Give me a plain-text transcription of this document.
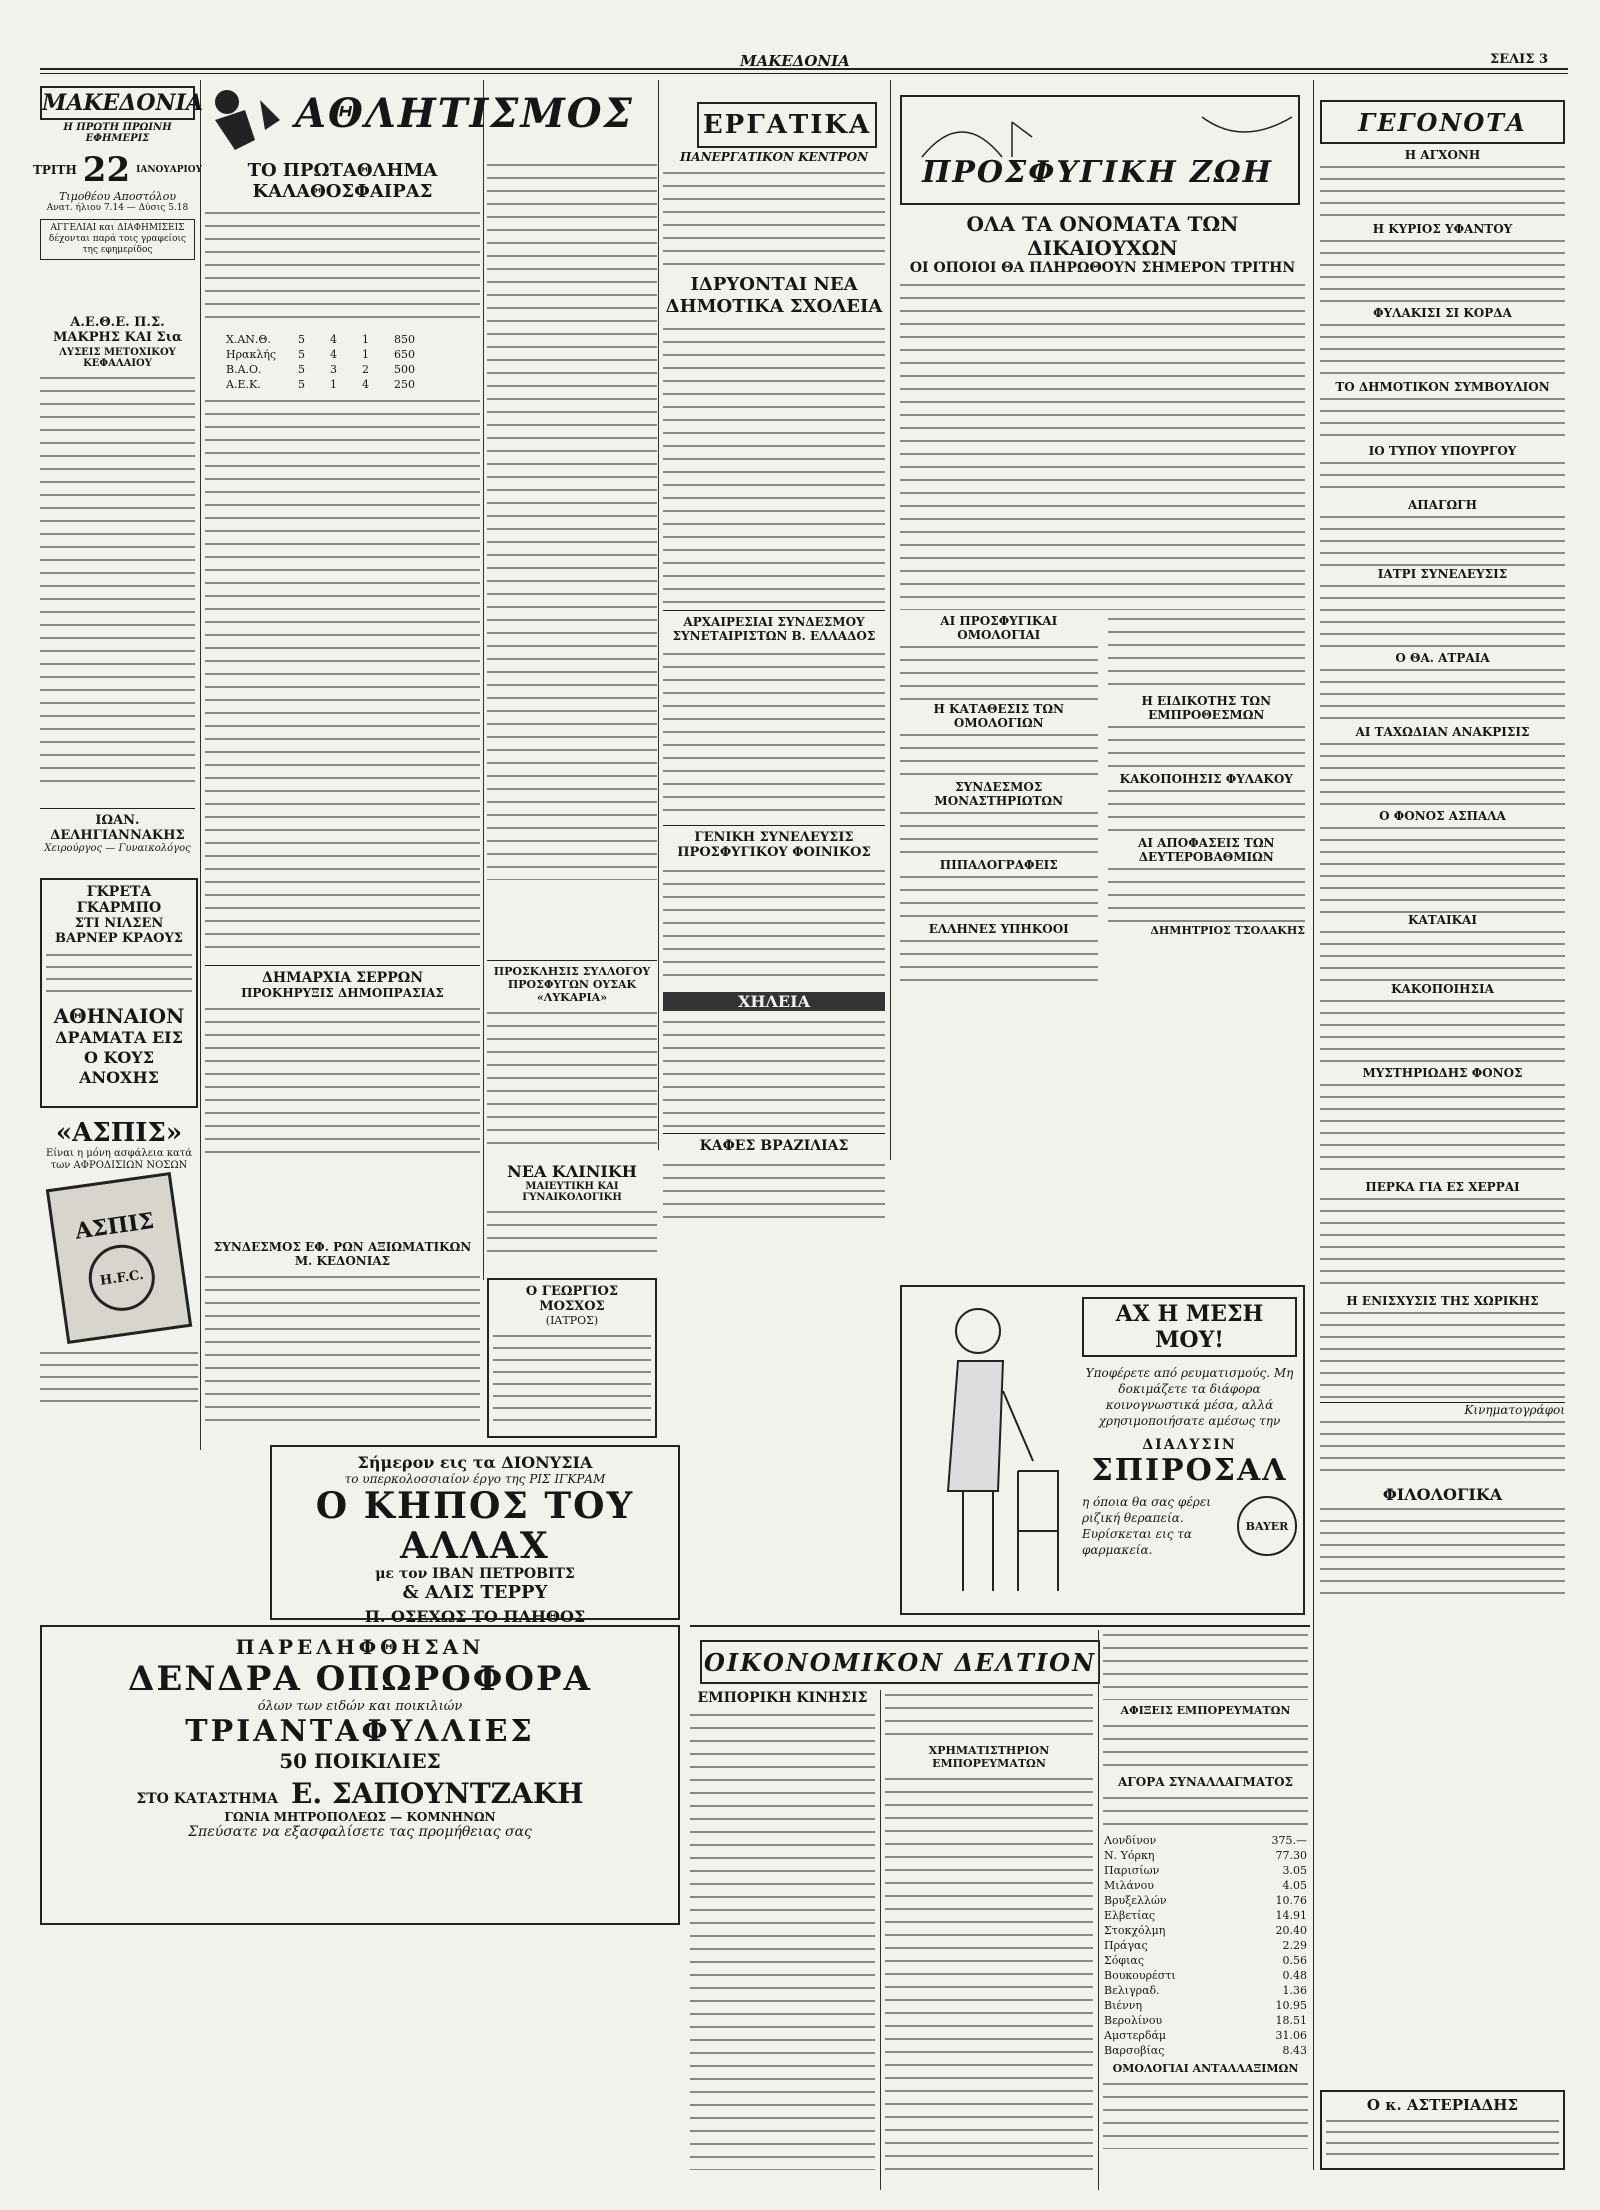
ΜΑΚΕΔΟΝΙΑ	ΣΕΛΙΣ 3
ΜΑΚΕΔΟΝΙΑ
Η ΠΡΩΤΗ ΠΡΩΙΝΗ ΕΦΗΜΕΡΙΣ
ΤΡΙΤΗ 22 ΙΑΝΟΥΑΡΙΟΥ
Τιμοθέου Αποστόλου
Ανατ. ήλιου 7.14 — Δύσις 5.18
ΑΓΓΕΛΙΑΙ και ΔΙΑΦΗΜΙΣΕΙΣ δέχονται παρά τοις γραφείοις της εφημερίδος
Α.Ε.Θ.Ε. Π.Σ. ΜΑΚΡΗΣ ΚΑΙ Σια
ΛΥΣΕΙΣ ΜΕΤΟΧΙΚΟΥ ΚΕΦΑΛΑΙΟΥ
ΙΩΑΝ. ΔΕΛΗΓΙΑΝΝΑΚΗΣ
Χειρούργος — Γυναικολόγος
ΓΚΡΕΤΑ ΓΚΑΡΜΠΟ
ΣΤΙ ΝΙΛΣΕΝ
ΒΑΡΝΕΡ ΚΡΑΟΥΣ
ΑΘΗΝΑΙΟΝ
ΔΡΑΜΑΤΑ ΕΙΣ Ο ΚΟΥΣ ΑΝΟΧΗΣ
«ΑΣΠΙΣ»
Είναι η μόνη ασφάλεια κατά των ΑΦΡΟΔΙΣΙΩΝ ΝΟΣΩΝ
ΑΣΠΙΣ
H.F.C.
ΑΘΛΗΤΙΣΜΟΣ
ΤΟ ΠΡΩΤΑΘΛΗΜΑ ΚΑΛΑΘΟΣΦΑΙΡΑΣ
Χ.ΑΝ.Θ.	5	4	1	850
Ηρακλής	5	4	1	650
Β.Α.Ο.	5	3	2	500
Α.Ε.Κ.	5	1	4	250
ΔΗΜΑΡΧΙΑ ΣΕΡΡΩΝ
ΠΡΟΚΗΡΥΞΙΣ ΔΗΜΟΠΡΑΣΙΑΣ
ΣΥΝΔΕΣΜΟΣ ΕΦ. ΡΩΝ ΑΞΙΩΜΑΤΙΚΩΝ Μ. ΚΕΔΟΝΙΑΣ
ΠΡΟΣΚΛΗΣΙΣ ΣΥΛΛΟΓΟΥ ΠΡΟΣΦΥΓΩΝ ΟΥΣΑΚ «ΛΥΚΑΡΙΑ»
ΝΕΑ ΚΛΙΝΙΚΗ
ΜΑΙΕΥΤΙΚΗ ΚΑΙ ΓΥΝΑΙΚΟΛΟΓΙΚΗ
Ο ΓΕΩΡΓΙΟΣ ΜΟΣΧΟΣ
(ΙΑΤΡΟΣ)
Σήμερον εις τα ΔΙΟΝΥΣΙΑ
το υπερκολοσσιαίον έργο της ΡΙΣ ΙΓΚΡΑΜ
Ο ΚΗΠΟΣ ΤΟΥ ΑΛΛΑΧ
με τον ΙΒΑΝ ΠΕΤΡΟΒΙΤΣ
& ΑΛΙΣ ΤΕΡΡΥ
Π. ΟΣΕΧΩΣ ΤΟ ΠΛΗΘΟΣ
ΠΑΡΕΛΗΦΘΗΣΑΝ
ΔΕΝΔΡΑ ΟΠΩΡΟΦΟΡΑ
όλων των ειδών και ποικιλιών
ΤΡΙΑΝΤΑΦΥΛΛΙΕΣ
50 ΠΟΙΚΙΛΙΕΣ
ΣΤΟ ΚΑΤΑΣΤΗΜΑ Ε. ΣΑΠΟΥΝΤΖΑΚΗ
ΓΩΝΙΑ ΜΗΤΡΟΠΟΛΕΩΣ — ΚΟΜΝΗΝΩΝ
Σπεύσατε να εξασφαλίσετε τας προμήθειας σας
ΕΡΓΑΤΙΚΑ
ΠΑΝΕΡΓΑΤΙΚΟΝ ΚΕΝΤΡΟΝ
ΙΔΡΥΟΝΤΑΙ ΝΕΑ ΔΗΜΟΤΙΚΑ ΣΧΟΛΕΙΑ
ΑΡΧΑΙΡΕΣΙΑΙ ΣΥΝΔΕΣΜΟΥ ΣΥΝΕΤΑΙΡΙΣΤΩΝ Β. ΕΛΛΑΔΟΣ
ΓΕΝΙΚΗ ΣΥΝΕΛΕΥΣΙΣ ΠΡΟΣΦΥΓΙΚΟΥ ΦΟΙΝΙΚΟΣ
ΧΗΛΕΙΑ
ΚΑΦΕΣ ΒΡΑΖΙΛΙΑΣ
ΠΡΟΣΦΥΓΙΚΗ ΖΩΗ
ΟΛΑ ΤΑ ΟΝΟΜΑΤΑ ΤΩΝ ΔΙΚΑΙΟΥΧΩΝ
ΟΙ ΟΠΟΙΟΙ ΘΑ ΠΛΗΡΩΘΟΥΝ ΣΗΜΕΡΟΝ ΤΡΙΤΗΝ
ΑΙ ΠΡΟΣΦΥΓΙΚΑΙ ΟΜΟΛΟΓΙΑΙ
Η ΚΑΤΑΘΕΣΙΣ ΤΩΝ ΟΜΟΛΟΓΙΩΝ
ΣΥΝΔΕΣΜΟΣ ΜΟΝΑΣΤΗΡΙΩΤΩΝ
ΠΙΠΑΛΟΓΡΑΦΕΙΣ
ΕΛΛΗΝΕΣ ΥΠΗΚΟΟΙ
Η ΕΙΔΙΚΟΤΗΣ ΤΩΝ ΕΜΠΡΟΘΕΣΜΩΝ
ΚΑΚΟΠΟΙΗΣΙΣ ΦΥΛΑΚΟΥ
ΑΙ ΑΠΟΦΑΣΕΙΣ ΤΩΝ ΔΕΥΤΕΡΟΒΑΘΜΙΩΝ
ΔΗΜΗΤΡΙΟΣ ΤΣΟΛΑΚΗΣ
ΑΧ Η ΜΕΣΗ ΜΟΥ!
Υποφέρετε από ρευματισμούς. Μη δοκιμάζετε τα διάφορα κοινογνωστικά μέσα, αλλά χρησιμοποιήσατε αμέσως την
ΔΙΑΛΥΣΙΝ
ΣΠΙΡΟΣΑΛ
η όποια θα σας φέρει ριζική θεραπεία. Ευρίσκεται εις τα φαρμακεία.
BAYER
ΓΕΓΟΝΟΤΑ
Η ΑΓΧΟΝΗ
Η ΚΥΡΙΟΣ ΥΦΑΝΤΟΥ
ΦΥΛΑΚΙΣΙ ΣΙ ΚΟΡΔΑ
ΤΟ ΔΗΜΟΤΙΚΟΝ ΣΥΜΒΟΥΛΙΟΝ
ΙΟ ΤΥΠΟΥ ΥΠΟΥΡΓΟΥ
ΑΠΑΓΩΓΗ
ΙΑΤΡΙ ΣΥΝΕΛΕΥΣΙΣ
Ο ΘΑ. ΑΤΡΑΙΑ
ΑΙ ΤΑΧΩΔΙΑΝ ΑΝΑΚΡΙΣΙΣ
Ο ΦΟΝΟΣ ΑΣΠΑΛΑ
ΚΑΤΑΙΚΑΙ
ΚΑΚΟΠΟΙΗΣΙΑ
ΜΥΣΤΗΡΙΩΔΗΣ ΦΟΝΟΣ
ΠΕΡΚΑ ΓΙΑ ΕΣ ΧΕΡΡΑΙ
Η ΕΝΙΣΧΥΣΙΣ ΤΗΣ ΧΩΡΙΚΗΣ
Κινηματογράφοι
ΦΙΛΟΛΟΓΙΚΑ
Ο κ. ΑΣΤΕΡΙΑΔΗΣ
ΟΙΚΟΝΟΜΙΚΟΝ ΔΕΛΤΙΟΝ
ΕΜΠΟΡΙΚΗ ΚΙΝΗΣΙΣ
ΧΡΗΜΑΤΙΣΤΗΡΙΟΝ ΕΜΠΟΡΕΥΜΑΤΩΝ
ΑΦΙΞΕΙΣ ΕΜΠΟΡΕΥΜΑΤΩΝ
ΑΓΟΡΑ ΣΥΝΑΛΛΑΓΜΑΤΟΣ
Λονδίνον	375.—
Ν. Υόρκη	77.30
Παρισίων	3.05
Μιλάνου	4.05
Βρυξελλών	10.76
Ελβετίας	14.91
Στοκχόλμη	20.40
Πράγας	2.29
Σόφιας	0.56
Βουκουρέστι	0.48
Βελιγραδ.	1.36
Βιέννη	10.95
Βερολίνου	18.51
Αμστερδάμ	31.06
Βαρσοβίας	8.43
ΟΜΟΛΟΓΙΑΙ ΑΝΤΑΛΛΑΞΙΜΩΝ
